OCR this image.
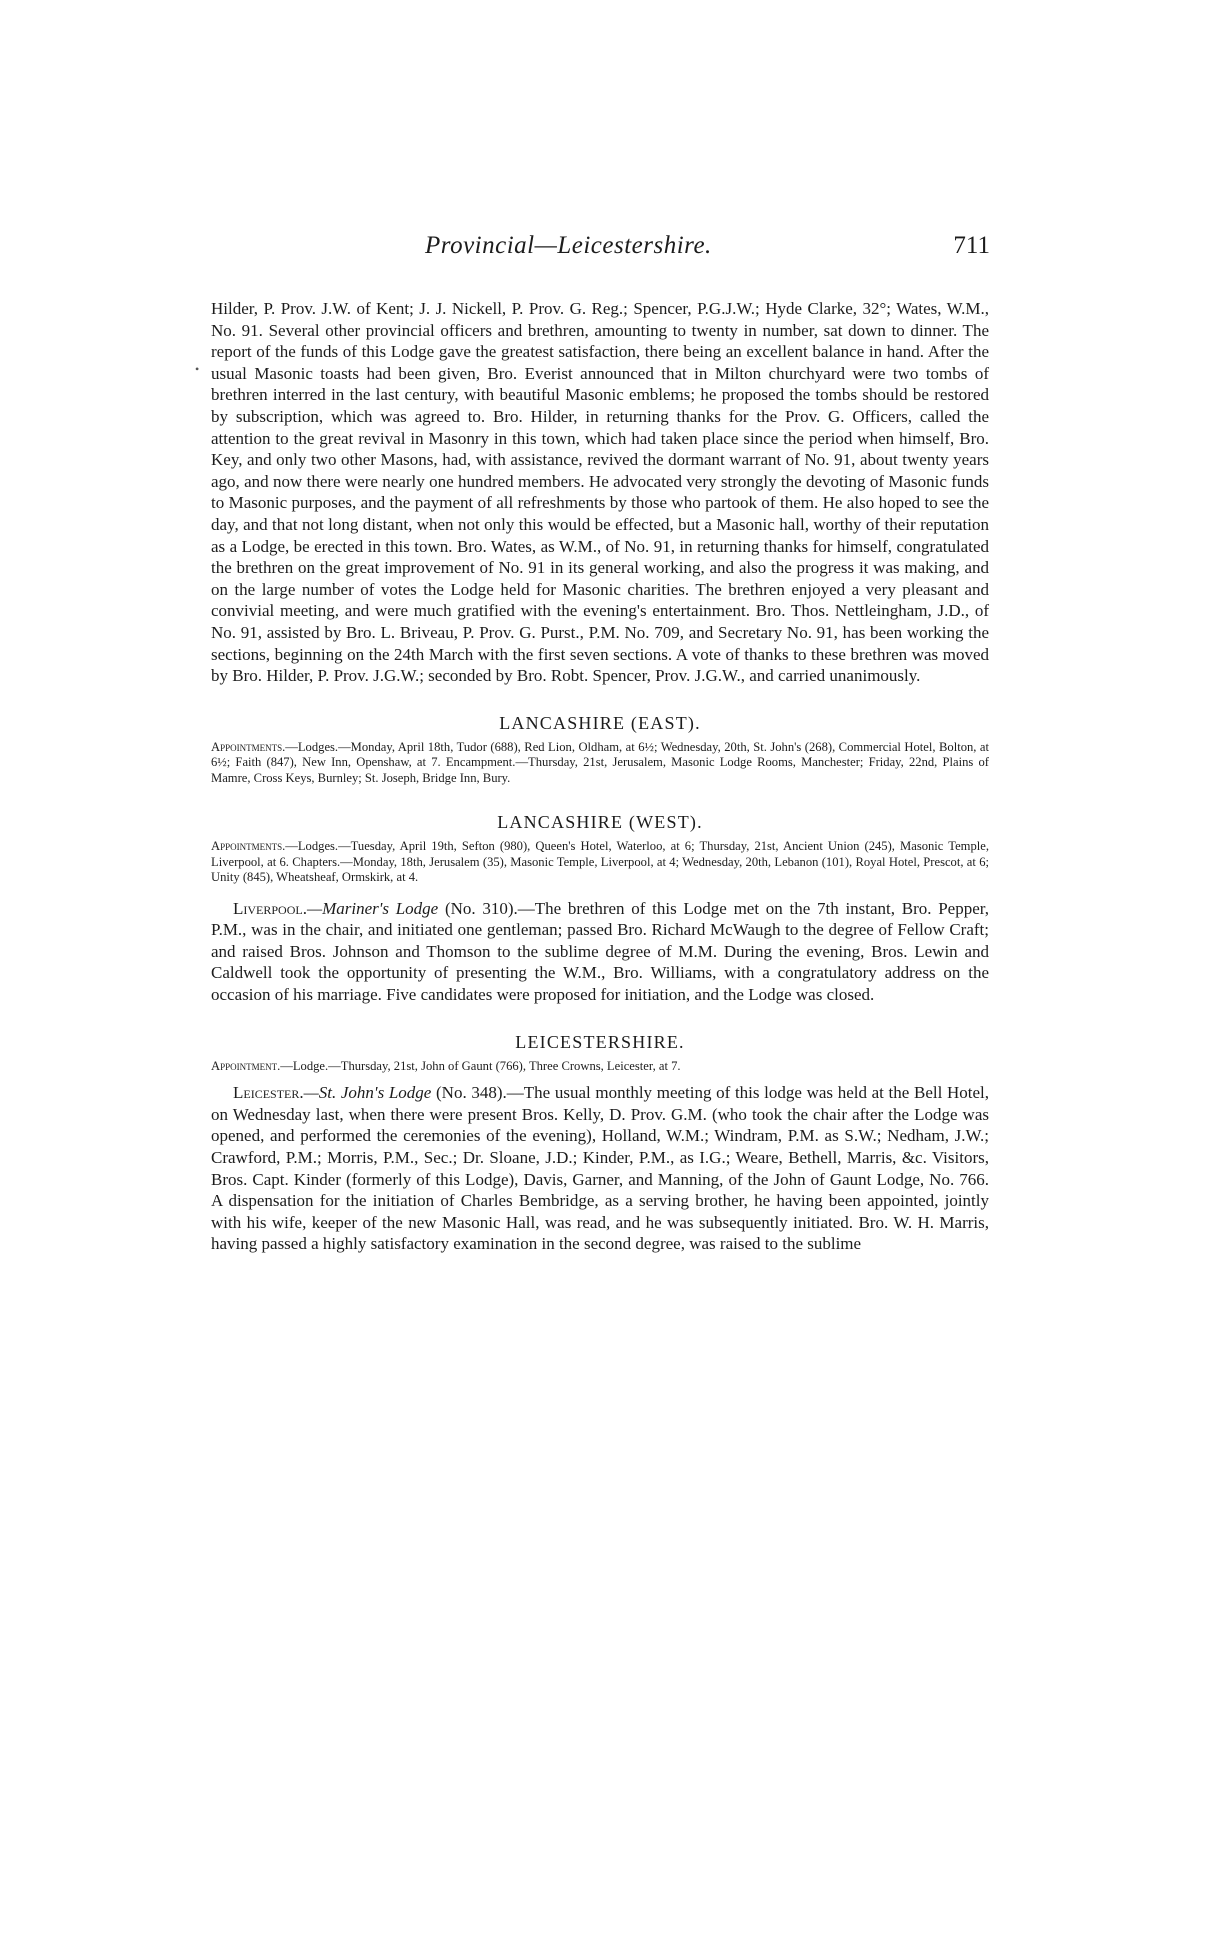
Provincial—Leicestershire.	711
•

Hilder, P. Prov. J.W. of Kent; J. J. Nickell, P. Prov. G. Reg.; Spencer, P.G.J.W.; Hyde Clarke, 32°; Wates, W.M., No. 91. Several other provincial officers and brethren, amounting to twenty in number, sat down to dinner. The report of the funds of this Lodge gave the greatest satisfaction, there being an excellent balance in hand. After the usual Masonic toasts had been given, Bro. Everist announced that in Milton churchyard were two tombs of brethren interred in the last century, with beautiful Masonic emblems; he proposed the tombs should be restored by subscription, which was agreed to. Bro. Hilder, in returning thanks for the Prov. G. Officers, called the attention to the great revival in Masonry in this town, which had taken place since the period when himself, Bro. Key, and only two other Masons, had, with assistance, revived the dormant warrant of No. 91, about twenty years ago, and now there were nearly one hundred members. He advocated very strongly the devoting of Masonic funds to Masonic purposes, and the payment of all refreshments by those who partook of them. He also hoped to see the day, and that not long distant, when not only this would be effected, but a Masonic hall, worthy of their reputation as a Lodge, be erected in this town. Bro. Wates, as W.M., of No. 91, in returning thanks for himself, congratulated the brethren on the great improvement of No. 91 in its general working, and also the progress it was making, and on the large number of votes the Lodge held for Masonic charities. The brethren enjoyed a very pleasant and convivial meeting, and were much gratified with the evening's entertainment. Bro. Thos. Nettleingham, J.D., of No. 91, assisted by Bro. L. Briveau, P. Prov. G. Purst., P.M. No. 709, and Secretary No. 91, has been working the sections, beginning on the 24th March with the first seven sections. A vote of thanks to these brethren was moved by Bro. Hilder, P. Prov. J.G.W.; seconded by Bro. Robt. Spencer, Prov. J.G.W., and carried unanimously.

LANCASHIRE (EAST).

Appointments.—Lodges.—Monday, April 18th, Tudor (688), Red Lion, Oldham, at 6½; Wednesday, 20th, St. John's (268), Commercial Hotel, Bolton, at 6½; Faith (847), New Inn, Openshaw, at 7. Encampment.—Thursday, 21st, Jerusalem, Masonic Lodge Rooms, Manchester; Friday, 22nd, Plains of Mamre, Cross Keys, Burnley; St. Joseph, Bridge Inn, Bury.

LANCASHIRE (WEST).

Appointments.—Lodges.—Tuesday, April 19th, Sefton (980), Queen's Hotel, Waterloo, at 6; Thursday, 21st, Ancient Union (245), Masonic Temple, Liverpool, at 6. Chapters.—Monday, 18th, Jerusalem (35), Masonic Temple, Liverpool, at 4; Wednesday, 20th, Lebanon (101), Royal Hotel, Prescot, at 6; Unity (845), Wheatsheaf, Ormskirk, at 4.

Liverpool.—Mariner's Lodge (No. 310).—The brethren of this Lodge met on the 7th instant, Bro. Pepper, P.M., was in the chair, and initiated one gentleman; passed Bro. Richard McWaugh to the degree of Fellow Craft; and raised Bros. Johnson and Thomson to the sublime degree of M.M. During the evening, Bros. Lewin and Caldwell took the opportunity of presenting the W.M., Bro. Williams, with a congratulatory address on the occasion of his marriage. Five candidates were proposed for initiation, and the Lodge was closed.

LEICESTERSHIRE.

Appointment.—Lodge.—Thursday, 21st, John of Gaunt (766), Three Crowns, Leicester, at 7.

Leicester.—St. John's Lodge (No. 348).—The usual monthly meeting of this lodge was held at the Bell Hotel, on Wednesday last, when there were present Bros. Kelly, D. Prov. G.M. (who took the chair after the Lodge was opened, and performed the ceremonies of the evening), Holland, W.M.; Windram, P.M. as S.W.; Nedham, J.W.; Crawford, P.M.; Morris, P.M., Sec.; Dr. Sloane, J.D.; Kinder, P.M., as I.G.; Weare, Bethell, Marris, &c. Visitors, Bros. Capt. Kinder (formerly of this Lodge), Davis, Garner, and Manning, of the John of Gaunt Lodge, No. 766. A dispensation for the initiation of Charles Bembridge, as a serving brother, he having been appointed, jointly with his wife, keeper of the new Masonic Hall, was read, and he was subsequently initiated. Bro. W. H. Marris, having passed a highly satisfactory examination in the second degree, was raised to the sublime
